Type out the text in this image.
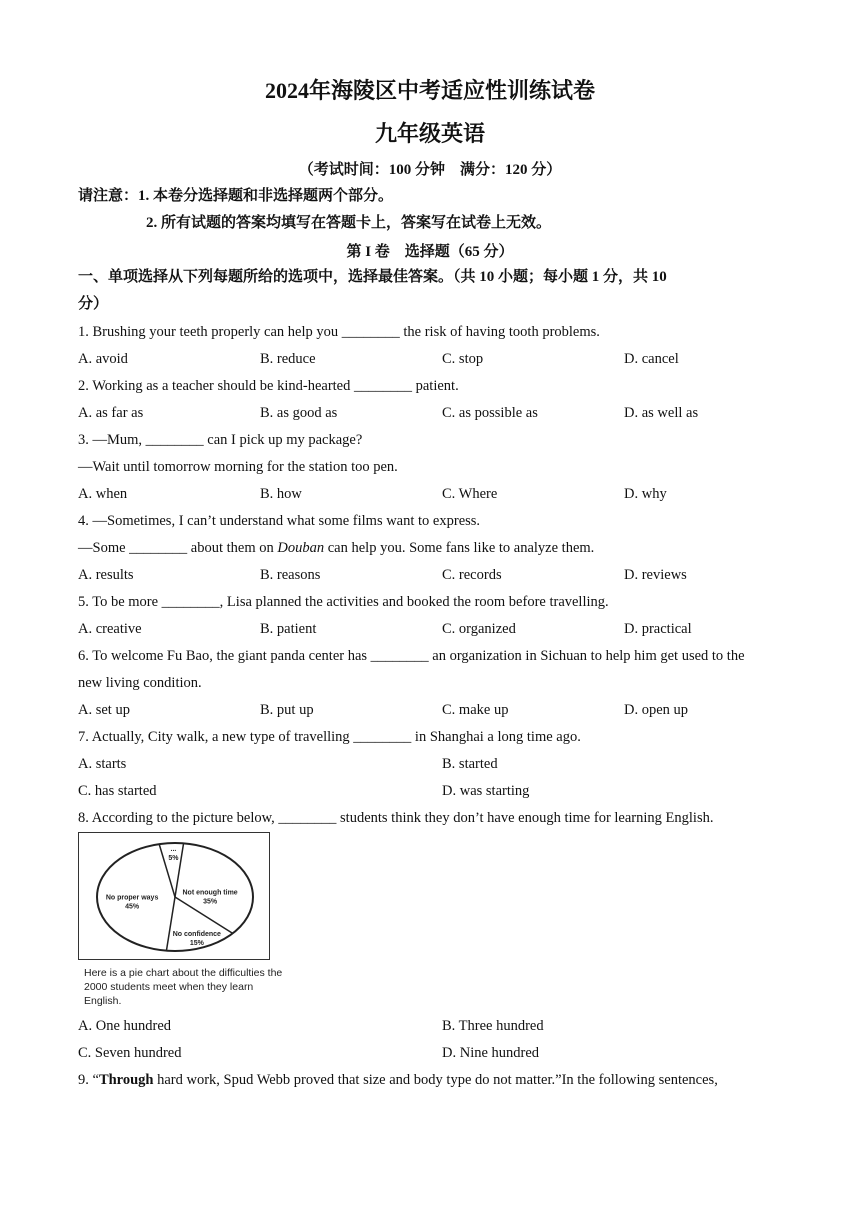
2024年海陵区中考适应性训练试卷
九年级英语
（考试时间：100 分钟　满分：120 分）
请注意：1. 本卷分选择题和非选择题两个部分。
2. 所有试题的答案均填写在答题卡上，答案写在试卷上无效。
第 I 卷　选择题（65 分）
一、单项选择从下列每题所给的选项中，选择最佳答案。（共 10 小题；每小题 1 分，共 10
分）
1. Brushing your teeth properly can help you ________ the risk of having tooth problems.
A. avoid	B. reduce	C. stop	D. cancel
2. Working as a teacher should be kind-hearted ________ patient.
A. as far as	B. as good as	C. as possible as	D. as well as
3. —Mum, ________ can I pick up my package?
—Wait until tomorrow morning for the station too pen.
A. when	B. how	C. Where	D. why
4. —Sometimes, I can’t understand what some films want to express.
—Some ________ about them on Douban can help you. Some fans like to analyze them.
A. results	B. reasons	C. records	D. reviews
5. To be more ________, Lisa planned the activities and booked the room before travelling.
A. creative	B. patient	C. organized	D. practical
6. To welcome Fu Bao, the giant panda center has ________ an organization in Sichuan to help him get used to the
new living condition.
A. set up	B. put up	C. make up	D. open up
7. Actually, City walk, a new type of travelling ________ in Shanghai a long time ago.
A. starts	B. started
C. has started	D. was starting
8. According to the picture below, ________ students think they don’t have enough time for learning English.
...
5%
Not enough time
35%
No confidence
15%
No proper ways
45%
Here is a pie chart about the difficulties the 2000 students meet when they learn English.
A. One hundred	B. Three hundred
C. Seven hundred	D. Nine hundred
9. “Through hard work, Spud Webb proved that size and body type do not matter.”In the following sentences,
